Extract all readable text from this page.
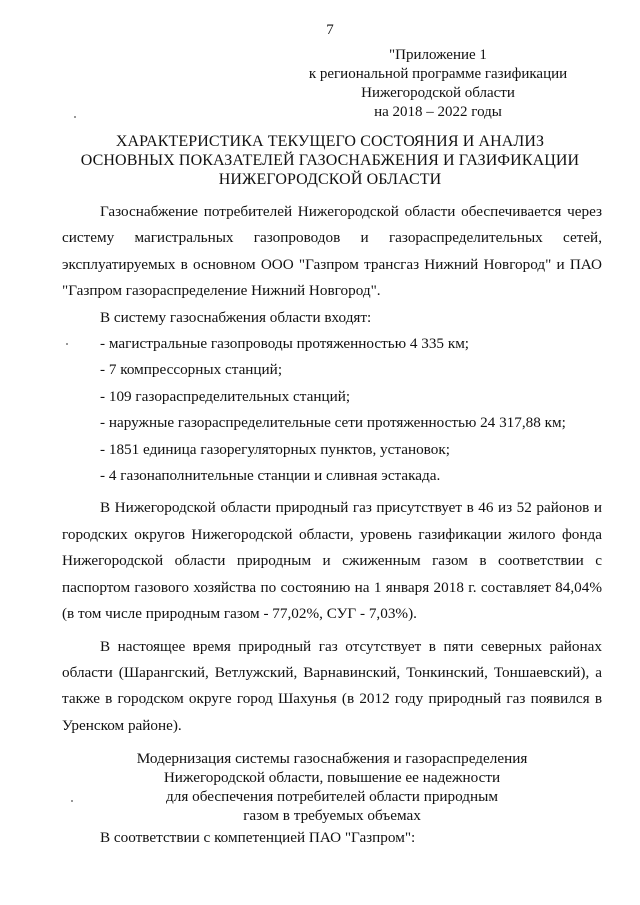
7
"Приложение 1
к региональной программе газификации
Нижегородской области
на 2018 – 2022 годы
ХАРАКТЕРИСТИКА ТЕКУЩЕГО СОСТОЯНИЯ И АНАЛИЗ
ОСНОВНЫХ ПОКАЗАТЕЛЕЙ ГАЗОСНАБЖЕНИЯ И ГАЗИФИКАЦИИ
НИЖЕГОРОДСКОЙ ОБЛАСТИ

Газоснабжение потребителей Нижегородской области обеспечивается через систему магистральных газопроводов и газораспределительных сетей, эксплуатируемых в основном ООО "Газпром трансгаз Нижний Новгород" и ПАО "Газпром газораспределение Нижний Новгород".

В систему газоснабжения области входят:

- магистральные газопроводы протяженностью 4 335 км;

- 7 компрессорных станций;

- 109 газораспределительных станций;

- наружные газораспределительные сети протяженностью 24 317,88 км;

- 1851 единица газорегуляторных пунктов, установок;

- 4 газонаполнительные станции и сливная эстакада.

В Нижегородской области природный газ присутствует в 46 из 52 районов и городских округов Нижегородской области, уровень газификации жилого фонда Нижегородской области природным и сжиженным газом в соответствии с паспортом газового хозяйства по состоянию на 1 января 2018 г. составляет 84,04% (в том числе природным газом - 77,02%, СУГ - 7,03%).

В настоящее время природный газ отсутствует в пяти северных районах области (Шарангский, Ветлужский, Варнавинский, Тонкинский, Тоншаевский), а также в городском округе город Шахунья (в 2012 году природный газ появился в Уренском районе).

Модернизация системы газоснабжения и газораспределения
Нижегородской области, повышение ее надежности
для обеспечения потребителей области природным
газом в требуемых объемах

В соответствии с компетенцией ПАО "Газпром":
